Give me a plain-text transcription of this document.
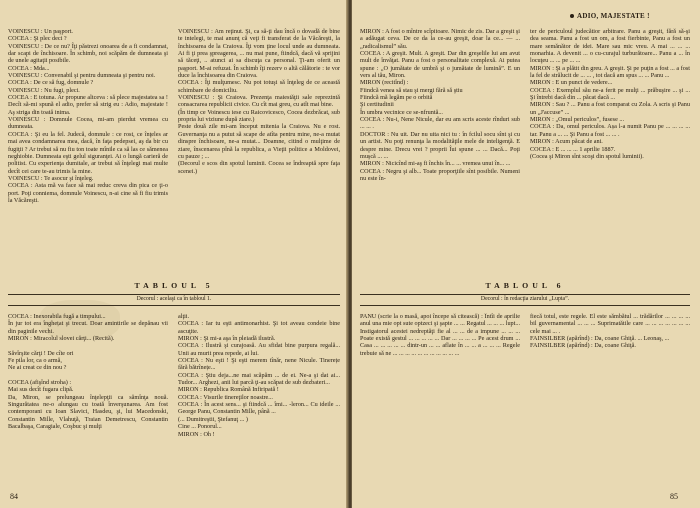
VOINESCU : Un paşport.
COCEA : Şi plec deci ?
VOINESCU : De ce nu? Îţi păstrezi onoarea de a fi condamnat, dar scapi de închisoare. În schimb, noi scăpăm de dumneata şi de unele agitaţii posibile.
COCEA : Mda...
VOINESCU : Convenabil şi pentru dumneata şi pentru noi.
COCEA : De ce să fug, domnule ?
VOINESCU : Nu fugi, pleci.
COCEA : E totuna. Ar propune altceva : să plece majestatea sa ! Decît să-mi spună el adio, prefer să strig eu : Adio, majestate ! Aş striga din toată inima.
VOINESCU : Domnule Cocea, mi-am pierdut vremea cu dumneata.
COCEA : Şi eu la fel. Judecă, domnule : ce rost, ce înţeles ar mai avea condamnarea mea, dacă, în faţa pedepsei, aş da bir cu fugiţii ? Ar trebui să nu fiu ton toate mînile ca să las ce sămenea neghiobie. Dumneata eşti gelul siguranţei. Ai o lungă carieră de politist. Cu experienţa dumitale, ar trebui să înţelegi mai multe decît cei care te-au trimis la mine.
VOINESCU : Te asocur şi înţeleg.
COCEA : Asta mă va face să mai reduc creva din pica ce ţi-o port. Poţi conniema, domnule Voinescu, n-ai cine să fi fiu trimis la Văcăreşti.
VOINESCU : Am reţinut. Şi, ca să-ţi dau încă o dovadă de bine te intelegi, te mai anunţ că veţi fi transferat de la Văcăreşti, la închisoarea de la Craiova. Îţi vom ţine locul unde au dumneata. Ai fi ţi prea şpreagerea, ... nu mai pune, fiindcă, dacă vă sprijini să tăceţi, .. atunci ai sa discuţa ca personal. Ţi-am oferit un paşport. M-ai refuzat. În schimb îţi rezerv o altă călătorie : te vor duce la închisoarea din Craiova.
COCEA : Îţi mulţumesc. Nu pot totuşi să înţeleg de ce această schimbare de domiciliu.
VOINESCU : Şi Craiova. Prezenţa maiestăţii sale reprezintă consacrarea republicii civice. Cu cît mai greu, cu atît mai bine.
(În timp ce Voinescu iese cu Raicovicesco, Cocea dezbrăcat, sub propria lui viziune după ziare.)
Peste două zile mi-am început mitenia la Craiova. Nu e rost. Guvernanţa nu a putut să scape de atîta pentru mine, ne-a mutat dinspre închisoare, ne-a mutat... Doamne, citind o mulţime de ziare, înscenarea pînă la republica, a Vieţii politice a Moldovei, cu pauze ; ...
(Decorul e scos din spotul luminii. Cocea se îndreaptă spre faţa scenei.)
TABLOUL 5
Decorul : acelaşi ca în tabloul 1.
COCEA : Inexorabila fugă a timpului...
În jur tot era înghețat şi trecut. Doar amintirile se depănau vii din paginile vechi.
MIRON : Miracolul slovei cărţi... (Recită).

Săvîrşite cărţi ! De cîte ori
Fe pila lor, ca o armă,
Ne ai creat ce din nou ?

COCEA (afişînd stroha) :
Mai sus decît fugara clipă.
Da, Miron, se prelungeau înţelepţii ca sămînţa nouă. Singurătatea ne-o alungau cu toată înverşunarea. Am fost contemporani cu Ioan Slavici, Hasdeu, şi, lui Macedonski, Constantin Mille, Vlahuţă, Traian Demetrescu, Constantin Bacalbaşa, Caragiale, Coşbuc şi mulţi
alţii.
COCEA : Iar tu eşti antimonarhist. Şi tot aveau condeie bine ascuţite.
MIRON : Şi mi-a aşa în pleiadă ilustră.
COCEA : Ilustră şi curajoasă. Au sfidat bine purpura regală... Unii au murit prea repede, ai lui.
COCEA : Nu eşti ! Şi eşti merem tînăr, nene Nicule. Tinerețe fără bătrînețe...
COCEA : Ştiu deja...ne mai scăpăm ... de ei. Ne-a şi dat ai... Tudor... Arghezi, anii lui parcă ţi-au scăpat de sub dezbateri...
MIRON : Republica Română Infiripată !
COCEA : Visurile tinereţilor noastre...
COCEA : În acest sens... şi fiindcă ... îmi... -leron... Cu ideile ... George Panu, Constantin Mille, până ...
(... Dumitreştii, Ştefanuţ ... )
Cine ... Ponorul...
MIRON : Oh !
84
ADIO, MAJESTATE !
MIRON : A fost o mîntre scîpitoare. Nimic de zis. Dar a greşit şi a adăugat ceva. De ce da la ce-au greşit, doar la ce... — ... „radicalismul” său.
COCEA : A greşit. Mult. A greşit. Dar din greşelile lui am avut mult de învăţat. Panu a fost o personalitate complexă. Ai putea spune : „O jumătate de umbră şi o jumătate de lumină”. E un vers al tău, Miron.
MIRON (recitînd) :
Fiindcă venea să stau şi mergi fără să ştiu
Fiindcă mă legăm pe o orbită
Şi certitudinii
În umbra vecinice ce se-nfruntă...
COCEA : Nu-i, Nene Nicule, dar eu am scris aceste rînduri sub ... ... .
DOCTOR : Nu uit. Dar nu uita nici tu : în fcilul socu sînt şi cu un artist. Nu poţi renunţa la modalităţile mele de inteligenţă. E despre mine. Drecu vrei ? proprii Îui spune ... ... Dacă... Poţi muşcă ... ...
MIRON : Nicicînd mi-aş fi închis în... ... vremea unui în... ...
COCEA : Negru şi alb... Toate proporţiile sînt posibile. Numeni nu este în-
ter de periculoul judecătior arbitrare. Panu a greşit, fără să-şi dea seama. Panu a fost un om, a fost fierbinte, Panu a fost un mare semănător de idei. Mare sau mic vreu. A mai ... ... ... monarhia. A devenit ... o cu-curajul turburătoare... Panu a ... în locuţeu ... ... pe ... ...
MIRON : Şi a plătit din greu. A greşit. Şi pe puţin a fost ... a fost la fel de strălucit de ... ... , tot dacă am spus ... ... Panu ...
MIRON : E un punct de vedere...
COCEA : Exemplul său ne-a ferit pe mulţi ... prăbuşire ... şi ... Şi întrebi dacă din ... păcat dacă ...
MIRON : Sau ? ... Panu a fost comparat cu Zola. A scris şi Panu un „J'accuse” ...
MIRON : „Omul periculos”, fusese ...
COCEA : Da, omul periculos. Așa l-a numit Panu pe ... ... ... ... tar. Panu a ... ... Şi Panu a fost ... ... .
MIRON : Acum păcat de ani.
COCEA : E ... ... ... 1 aprilie 1887.
(Cocea şi Miron sînt scoşi din spotul luminii).
TABLOUL 6
Decorul : în redacţia ziarului „Lupta”.
PANU (scrie la o masă, apoi începe să citească) : Întîi de aprilie anul una mie opt sute optzeci şi şapte ... ... Regatul ... ... ... lupt... Instigatorul acestei nedreptăţi fie al ... ... de a impune ... ... ... Poate există gestul ... ... ... ... ... Dar ... ... ... ... Pe acest drum ... Casa ... ... ... ... ... dintr-un ... ... aflate în ... ... a ... ... ... Regele trebuie să ne ... ... ... ... ... ... ... ... ... ... ...
fiecă totul, este regele. El este sămbătul ... trădărilor ... ... ... ... bil guvernamental ... ... ... Suprimatătile care ... ... ... ... ... ... ... cele mai ... .
FAINSILBER (apărînd) : Da, coane Ghiţă. ... Leonaş, ...
FAINSILBER (apărînd) : Da, coane Ghiţă.
85
